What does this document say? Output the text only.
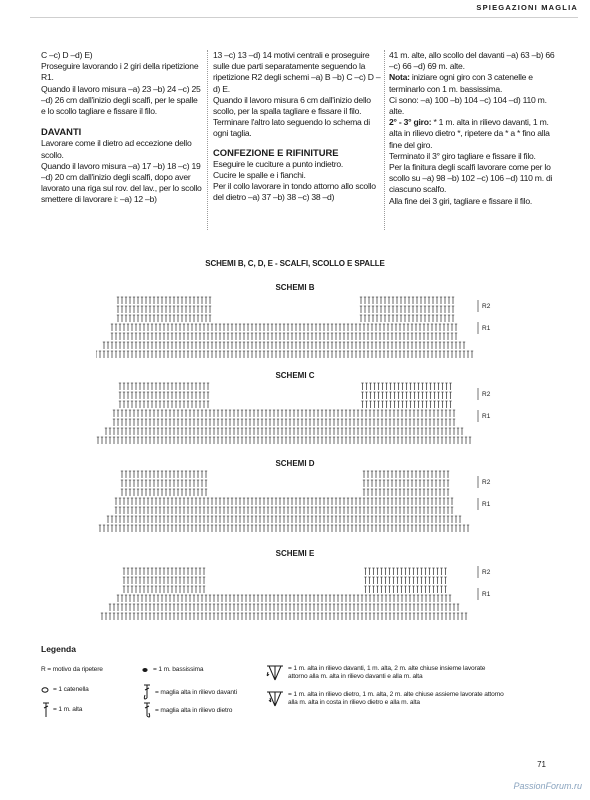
SPIEGAZIONI MAGLIA

C –c) D –d) E)

Proseguire lavorando i 2 giri della ripetizione R1.

Quando il lavoro misura –a) 23 –b) 24 –c) 25 –d) 26 cm dall'inizio degli scalfi, per le spalle e lo scollo tagliare e fissare il filo.

DAVANTI

Lavorare come il dietro ad eccezione dello scollo.

Quando il lavoro misura –a) 17 –b) 18 –c) 19 –d) 20 cm dall'inizio degli scalfi, dopo aver lavorato una riga sul rov. del lav., per lo scollo smettere di lavorare i: –a) 12 –b)

13 –c) 13 –d) 14 motivi centrali e proseguire sulle due parti separatamente seguendo la ripetizione R2 degli schemi –a) B –b) C –c) D –d) E.

Quando il lavoro misura 6 cm dall'inizio dello scollo, per la spalla tagliare e fissare il filo.

Terminare l'altro lato seguendo lo schema di ogni taglia.

CONFEZIONE E RIFINITURE

Eseguire le cuciture a punto indietro.

Cucire le spalle e i fianchi.

Per il collo lavorare in tondo attorno allo scollo del dietro –a) 37 –b) 38 –c) 38 –d)

41 m. alte, allo scollo del davanti –a) 63 –b) 66 –c) 66 –d) 69 m. alte.

Nota: iniziare ogni giro con 3 catenelle e terminarlo con 1 m. bassissima.

Ci sono: –a) 100 –b) 104 –c) 104 –d) 110 m. alte.

2° - 3° giro: * 1 m. alta in rilievo davanti, 1 m. alta in rilievo dietro *, ripetere da * a * fino alla fine del giro.

Terminato il 3° giro tagliare e fissare il filo.

Per la finitura degli scalfi lavorare come per lo scollo su –a) 98 –b) 102 –c) 106 –d) 110 m. di ciascuno scalfo.

Alla fine dei 3 giri, tagliare e fissare il filo.

SCHEMI B, C, D, E - SCALFI, SCOLLO E SPALLE
SCHEMI B
R2
R1
SCHEMI C
R2
R1
SCHEMI D
R2
R1
SCHEMI E
R2
R1
Legenda
R = motivo da ripetere
= 1 catenella
= 1 m. alta
= 1 m. bassissima
= maglia alta in rilievo davanti
= maglia alta in rilievo dietro
= 1 m. alta in rilievo davanti, 1 m. alta, 2 m. alte chiuse insieme lavorate attorno alla m. alta in rilievo davanti e alla m. alta
= 1 m. alta in rilievo dietro, 1 m. alta, 2 m. alte chiuse assieme lavorate attorno alla m. alta in costa in rilievo dietro e alla m. alta
71
PassionForum.ru
